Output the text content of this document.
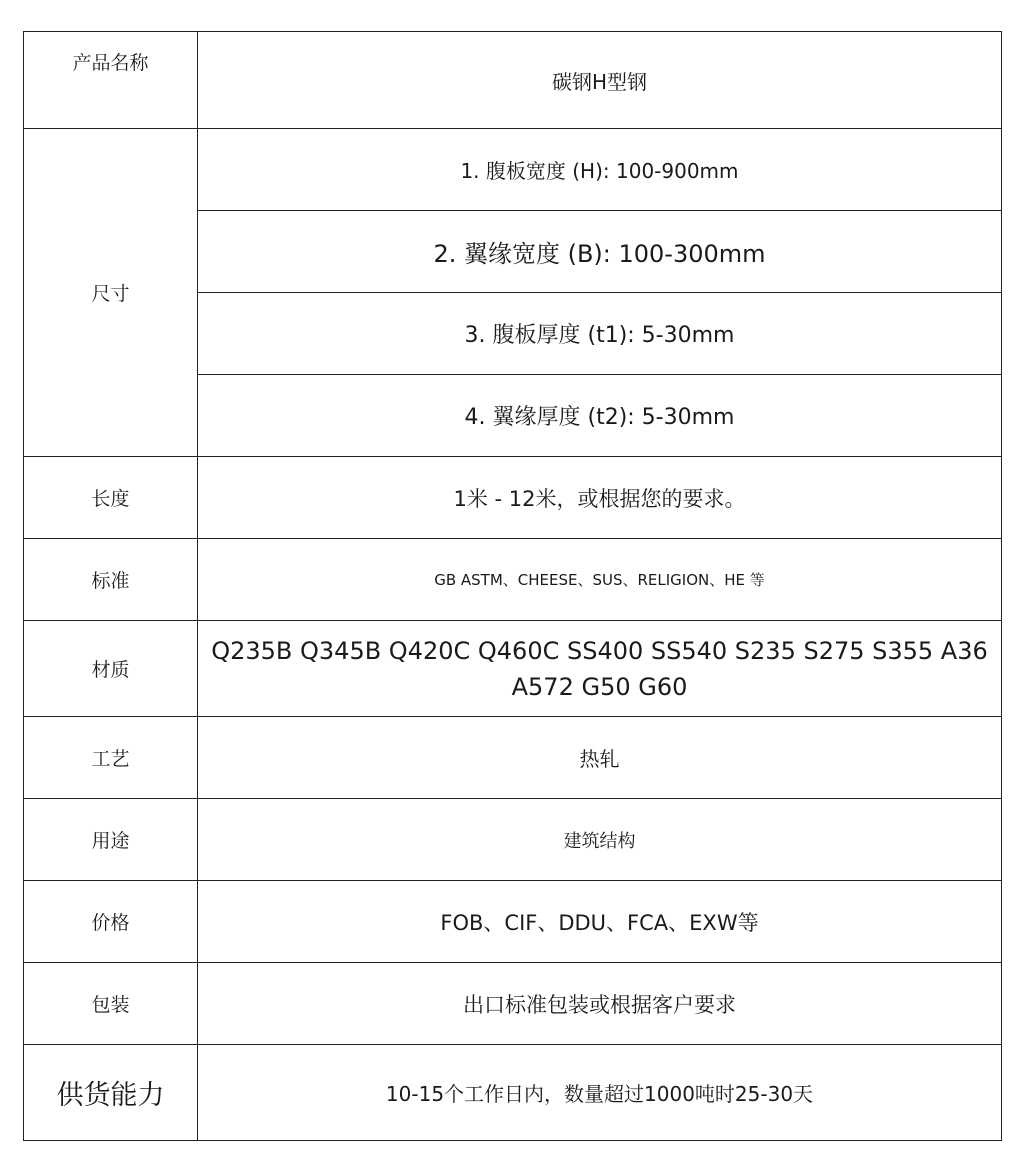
产品名称	碳钢H型钢
尺寸	1. 腹板宽度 (H): 100-900mm
	2. 翼缘宽度 (B): 100-300mm
	3. 腹板厚度 (t1): 5-30mm
	4. 翼缘厚度 (t2): 5-30mm
长度	1米 - 12米，或根据您的要求。
标准	GB ASTM、CHEESE、SUS、RELIGION、HE 等
材质	Q235B Q345B Q420C Q460C SS400 SS540 S235 S275 S355 A36 A572 G50 G60
工艺	热轧
用途	建筑结构
价格	FOB、CIF、DDU、FCA、EXW等
包装	出口标准包装或根据客户要求
供货能力	10-15个工作日内，数量超过1000吨时25-30天
